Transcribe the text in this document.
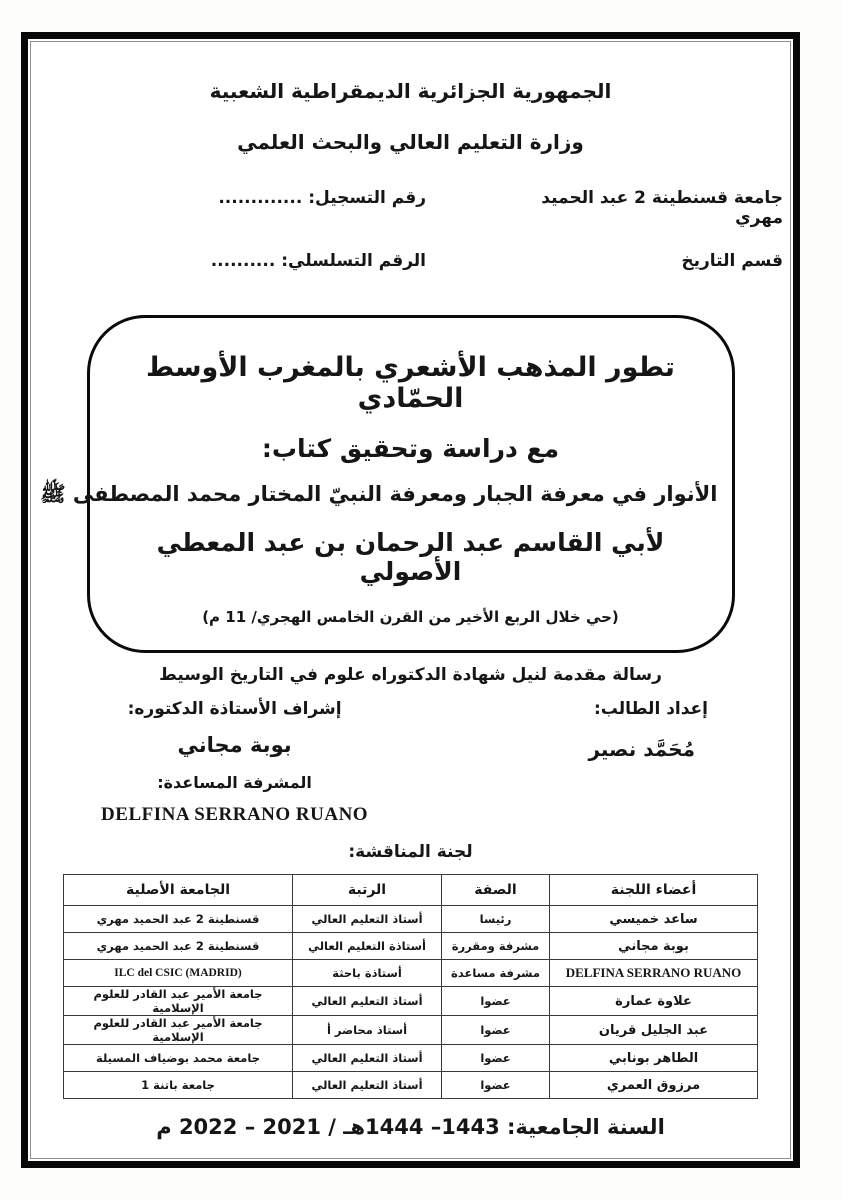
الجمهورية الجزائرية الديمقراطية الشعبية
وزارة التعليم العالي والبحث العلمي
جامعة قسنطينة 2 عبد الحميد مهري
رقم التسجيل: .............
قسم التاريخ
الرقم التسلسلي: ..........
تطور المذهب الأشعري بالمغرب الأوسط الحمّادي
مع دراسة وتحقيق كتاب:
الأنوار في معرفة الجبار ومعرفة النبيّ المختار محمد المصطفى ﷺ
لأبي القاسم عبد الرحمان بن عبد المعطي الأصولي
(حي خلال الربع الأخير من القرن الخامس الهجري/ 11 م)
رسالة مقدمة لنيل شهادة الدكتوراه علوم في التاريخ الوسيط
إعداد الطالب:
مُحَمَّد نصير
إشراف الأستاذة الدكتوره:
بوبة مجاني
المشرفة المساعدة:
DELFINA SERRANO RUANO
لجنة المناقشة:
أعضاء اللجنة	الصفة	الرتبة	الجامعة الأصلية
ساعد خميسي	رئيسا	أستاذ التعليم العالي	قسنطينة 2 عبد الحميد مهري
بوبة مجاني	مشرفة ومقررة	أستاذة التعليم العالي	قسنطينة 2 عبد الحميد مهري
DELFINA SERRANO RUANO	مشرفة مساعدة	أستاذة باحثة	ILC del CSIC (MADRID)
علاوة عمارة	عضوا	أستاذ التعليم العالي	جامعة الأمير عبد القادر للعلوم الإسلامية
عبد الجليل قريان	عضوا	أستاذ محاضر أ	جامعة الأمير عبد القادر للعلوم الإسلامية
الطاهر بونابي	عضوا	أستاذ التعليم العالي	جامعة محمد بوضياف المسيلة
مرزوق العمري	عضوا	أستاذ التعليم العالي	جامعة باتنة 1
السنة الجامعية: 1443– 1444هـ / 2021 – 2022 م
